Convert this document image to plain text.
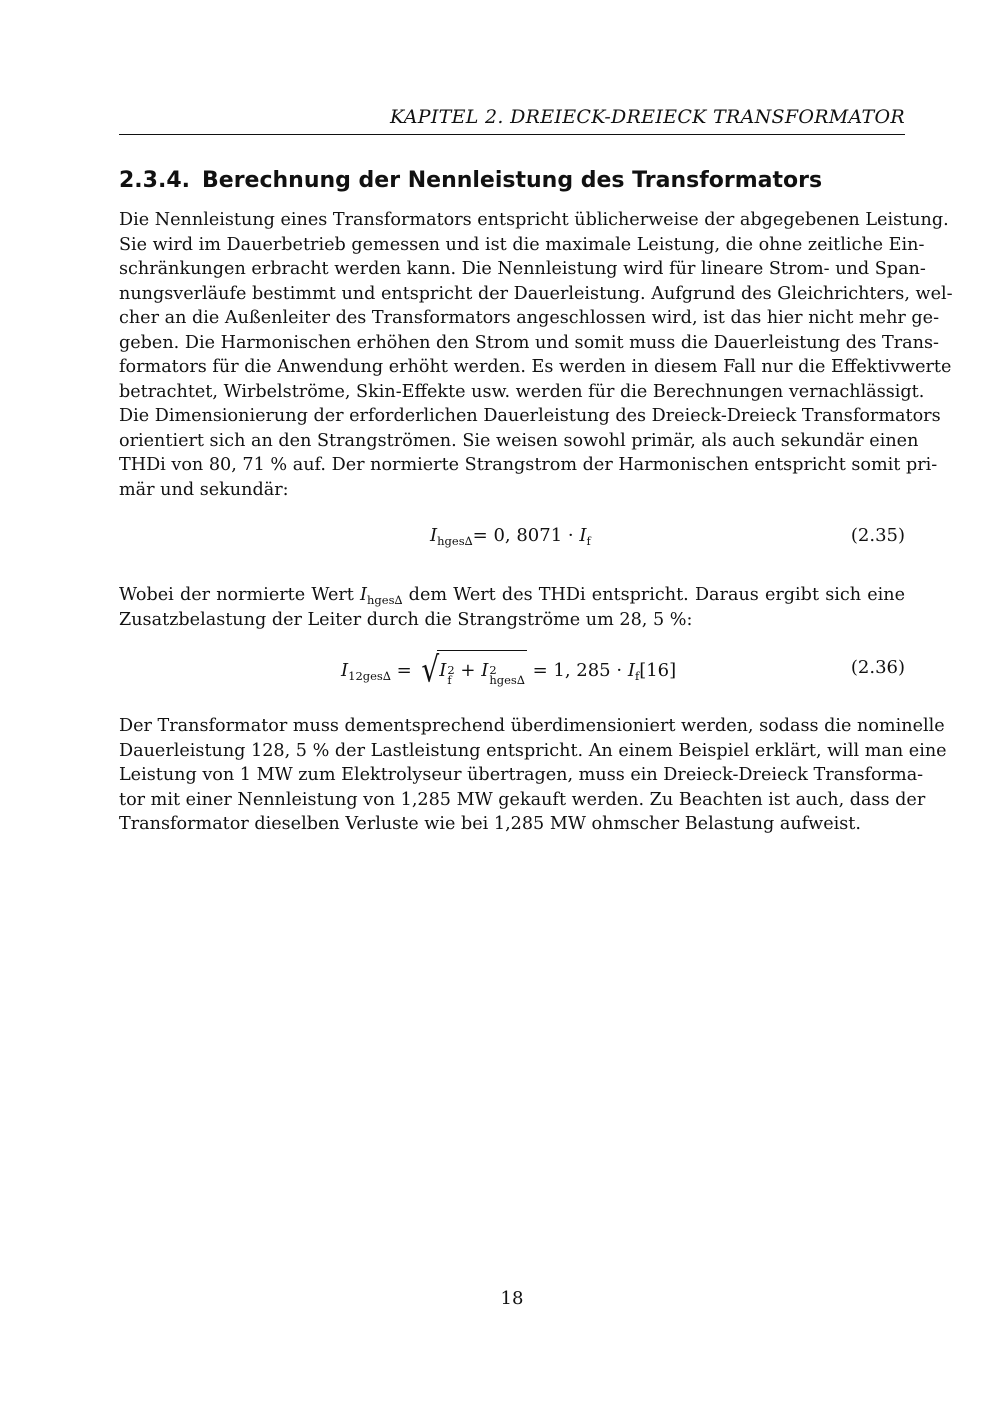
KAPITEL 2. DREIECK-DREIECK TRANSFORMATOR
2.3.4. Berechnung der Nennleistung des Transformators
Die Nennleistung eines Transformators entspricht üblicherweise der abgegebenen Leistung.
Sie wird im Dauerbetrieb gemessen und ist die maximale Leistung, die ohne zeitliche Ein-
schränkungen erbracht werden kann. Die Nennleistung wird für lineare Strom- und Span-
nungsverläufe bestimmt und entspricht der Dauerleistung. Aufgrund des Gleichrichters, wel-
cher an die Außenleiter des Transformators angeschlossen wird, ist das hier nicht mehr ge-
geben. Die Harmonischen erhöhen den Strom und somit muss die Dauerleistung des Trans-
formators für die Anwendung erhöht werden. Es werden in diesem Fall nur die Effektivwerte
betrachtet, Wirbelströme, Skin-Effekte usw. werden für die Berechnungen vernachlässigt.
Die Dimensionierung der erforderlichen Dauerleistung des Dreieck-Dreieck Transformators
orientiert sich an den Strangströmen. Sie weisen sowohl primär, als auch sekundär einen
THDi von 80, 71 % auf. Der normierte Strangstrom der Harmonischen entspricht somit pri-
mär und sekundär:
$I_{hges\Delta}= 0$, $8071 \cdot I_f$	(2.35)
Wobei der normierte Wert $I_{hges\Delta}$ dem Wert des THDi entspricht. Daraus ergibt sich eine
Zusatzbelastung der Leiter durch die Strangströme um 28, 5 %:
$I_{12ges\Delta} = √I$ 2
f + I 2
hges∆ = 1, $285 \cdot I_f[16]$	(2.36)
Der Transformator muss dementsprechend überdimensioniert werden, sodass die nominelle
Dauerleistung 128, 5 % der Lastleistung entspricht. An einem Beispiel erklärt, will man eine
Leistung von 1 MW zum Elektrolyseur übertragen, muss ein Dreieck-Dreieck Transforma-
tor mit einer Nennleistung von 1,285 MW gekauft werden. Zu Beachten ist auch, dass der
Transformator dieselben Verluste wie bei 1,285 MW ohmscher Belastung aufweist.
18
